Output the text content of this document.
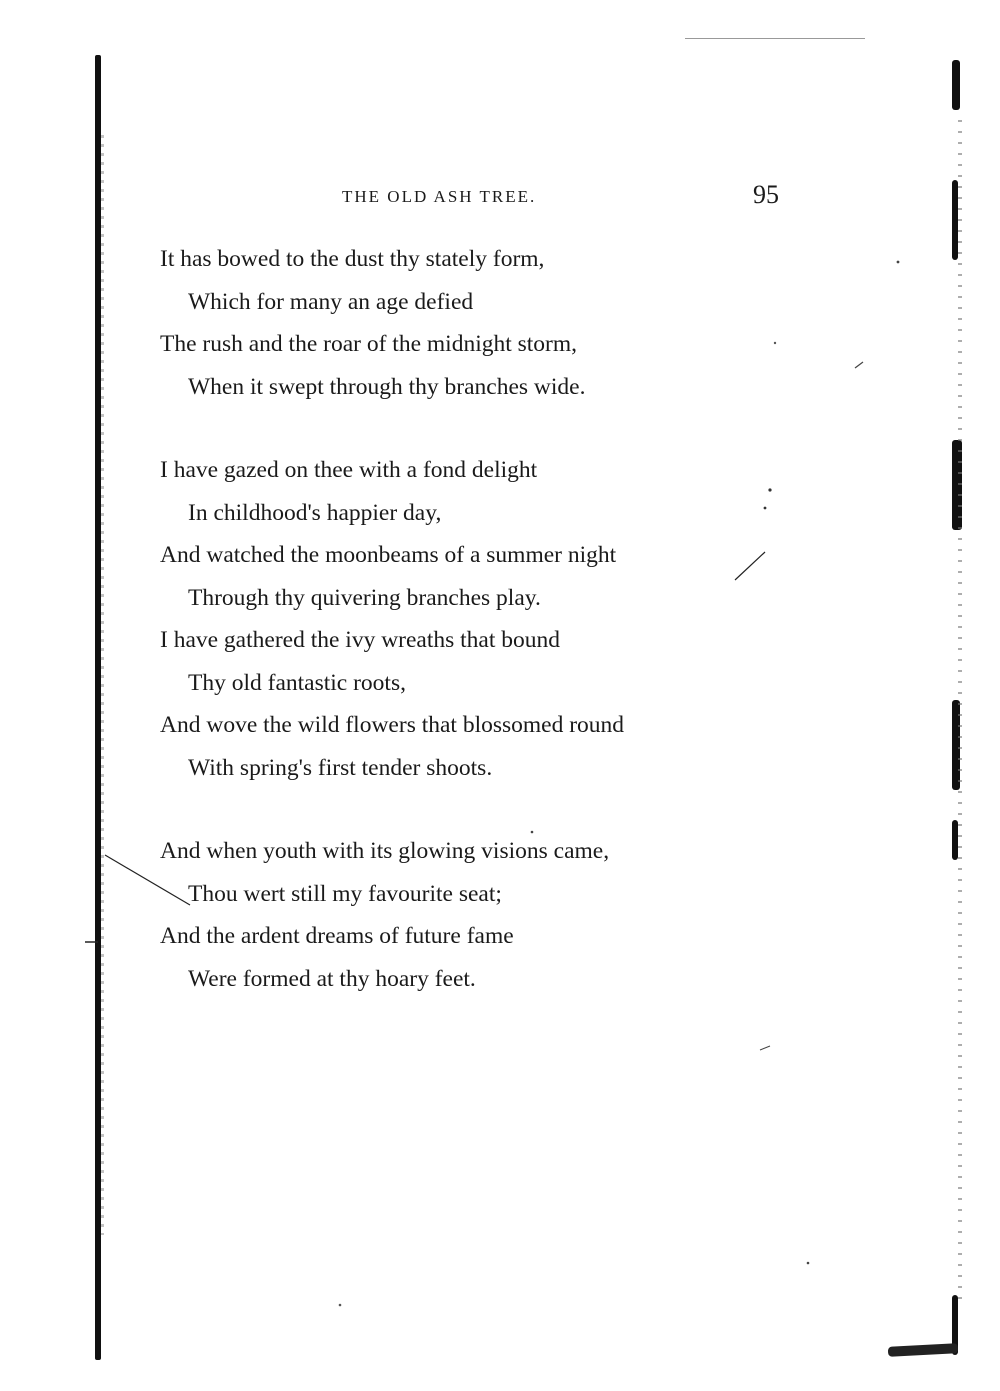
THE OLD ASH TREE.	95
It has bowed to the dust thy stately form,
Which for many an age defied
The rush and the roar of the midnight storm,
When it swept through thy branches wide.
I have gazed on thee with a fond delight
In childhood's happier day,
And watched the moonbeams of a summer night
Through thy quivering branches play.
I have gathered the ivy wreaths that bound
Thy old fantastic roots,
And wove the wild flowers that blossomed round
With spring's first tender shoots.
And when youth with its glowing visions came,
Thou wert still my favourite seat;
And the ardent dreams of future fame
Were formed at thy hoary feet.
